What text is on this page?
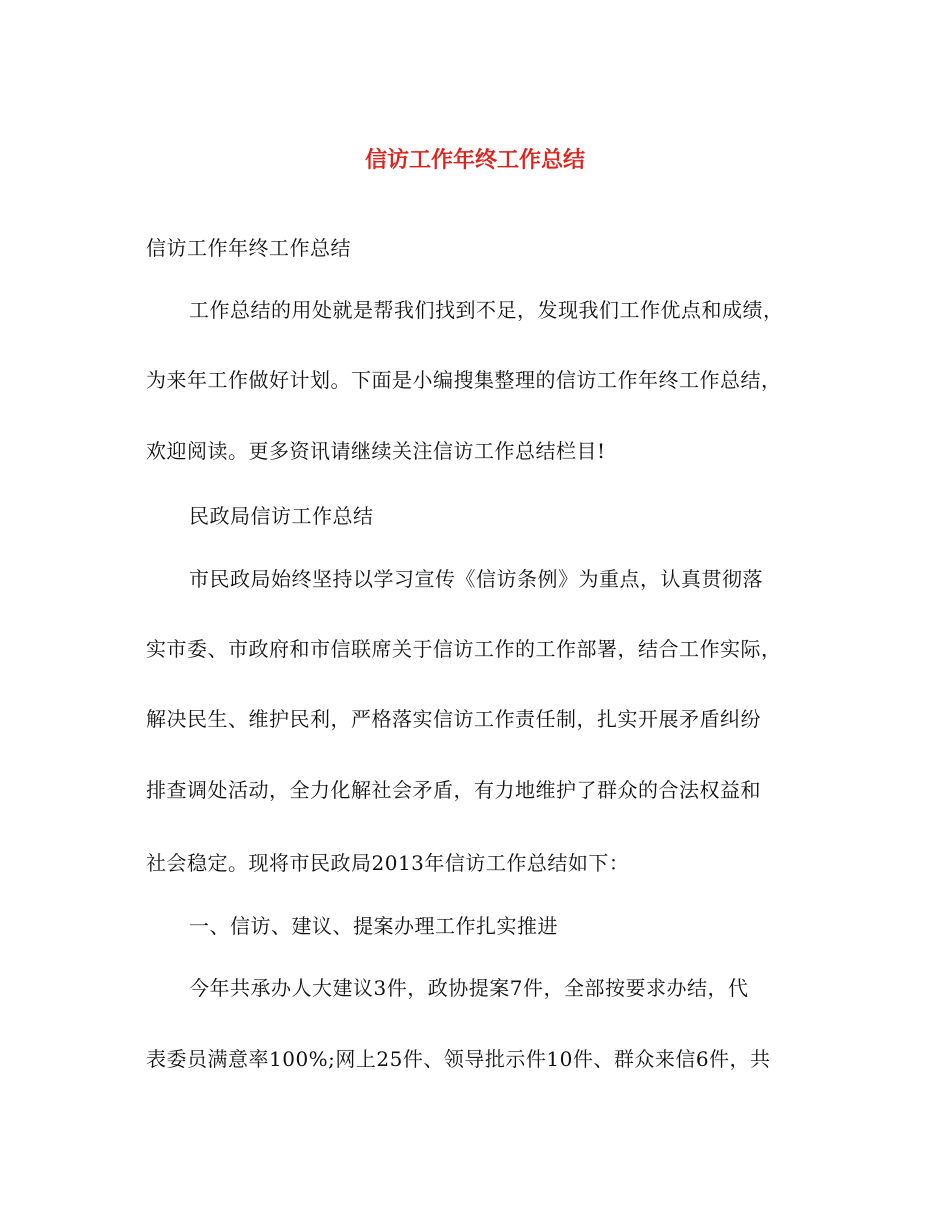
信访工作年终工作总结
信访工作年终工作总结
工作总结的用处就是帮我们找到不足，发现我们工作优点和成绩，
为来年工作做好计划。下面是小编搜集整理的信访工作年终工作总结，
欢迎阅读。更多资讯请继续关注信访工作总结栏目!
民政局信访工作总结
市民政局始终坚持以学习宣传《信访条例》为重点，认真贯彻落
实市委、市政府和市信联席关于信访工作的工作部署，结合工作实际，
解决民生、维护民利，严格落实信访工作责任制，扎实开展矛盾纠纷
排查调处活动，全力化解社会矛盾，有力地维护了群众的合法权益和
社会稳定。现将市民政局2013年信访工作总结如下：
一、信访、建议、提案办理工作扎实推进
今年共承办人大建议3件，政协提案7件，全部按要求办结，代
表委员满意率100%;网上25件、领导批示件10件、群众来信6件，共
